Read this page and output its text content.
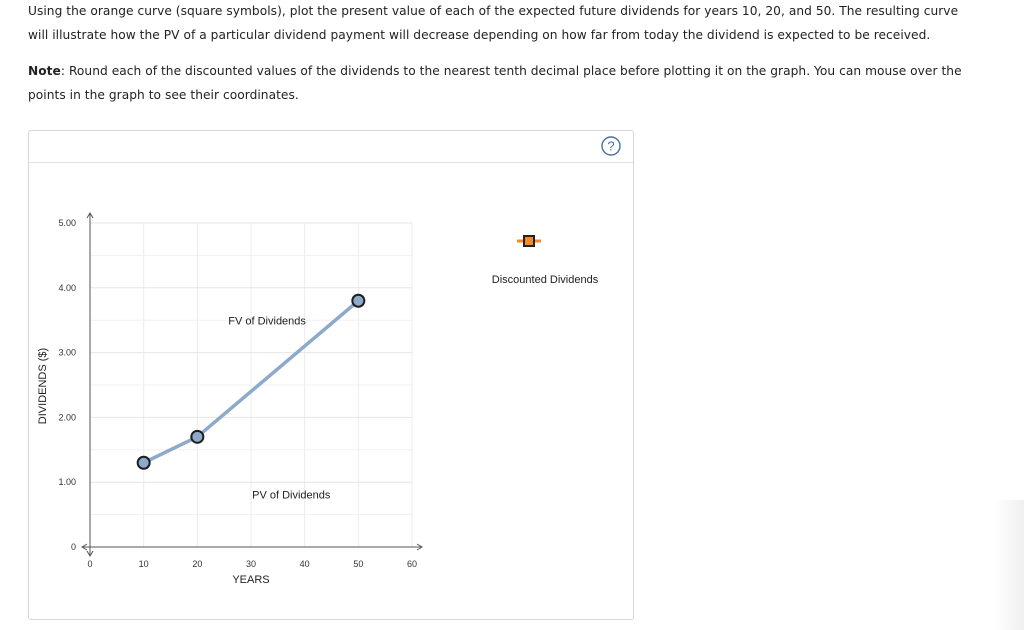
Using the orange curve (square symbols), plot the present value of each of the expected future dividends for years 10, 20, and 50. The resulting curve

will illustrate how the PV of a particular dividend payment will decrease depending on how far from today the dividend is expected to be received.

Note: Round each of the discounted values of the dividends to the nearest tenth decimal place before plotting it on the graph. You can mouse over the

points in the graph to see their coordinates.

?
0	10	20	30	40	50	60
0
1.00
2.00
3.00
4.00
5.00
YEARS
DIVIDENDS ($)
FV of Dividends
PV of Dividends
Discounted Dividends
